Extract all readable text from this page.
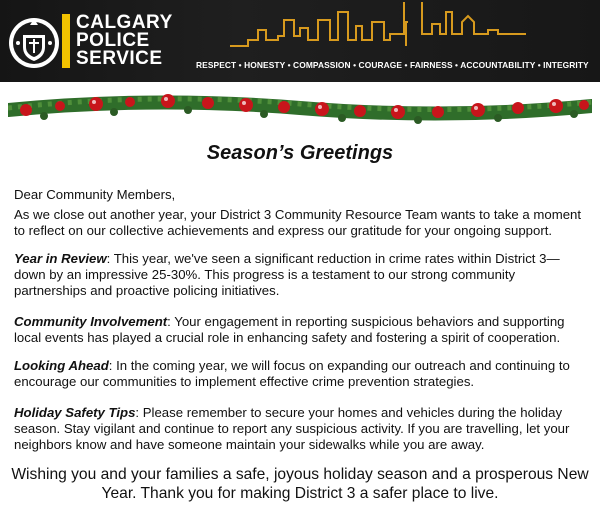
CALGARY
POLICE
SERVICE	RESPECT • HONESTY • COMPASSION • COURAGE • FAIRNESS • ACCOUNTABILITY • INTEGRITY
Season’s Greetings

Dear Community Members,

As we close out another year, your District 3 Community Resource Team wants to take a moment to reflect on our collective achievements and express our gratitude for your ongoing support.

Year in Review: This year, we've seen a significant reduction in crime rates within District 3—down by an impressive 25-30%. This progress is a testament to our strong community partnerships and proactive policing initiatives.

Community Involvement: Your engagement in reporting suspicious behaviors and supporting local events has played a crucial role in enhancing safety and fostering a spirit of cooperation.

Looking Ahead: In the coming year, we will focus on expanding our outreach and continuing to encourage our communities to implement effective crime prevention strategies.

Holiday Safety Tips: Please remember to secure your homes and vehicles during the holiday season. Stay vigilant and continue to report any suspicious activity. If you are travelling, let your neighbors know and have someone maintain your sidewalks while you are away.

Wishing you and your families a safe, joyous holiday season and a prosperous New Year. Thank you for making District 3 a safer place to live.
